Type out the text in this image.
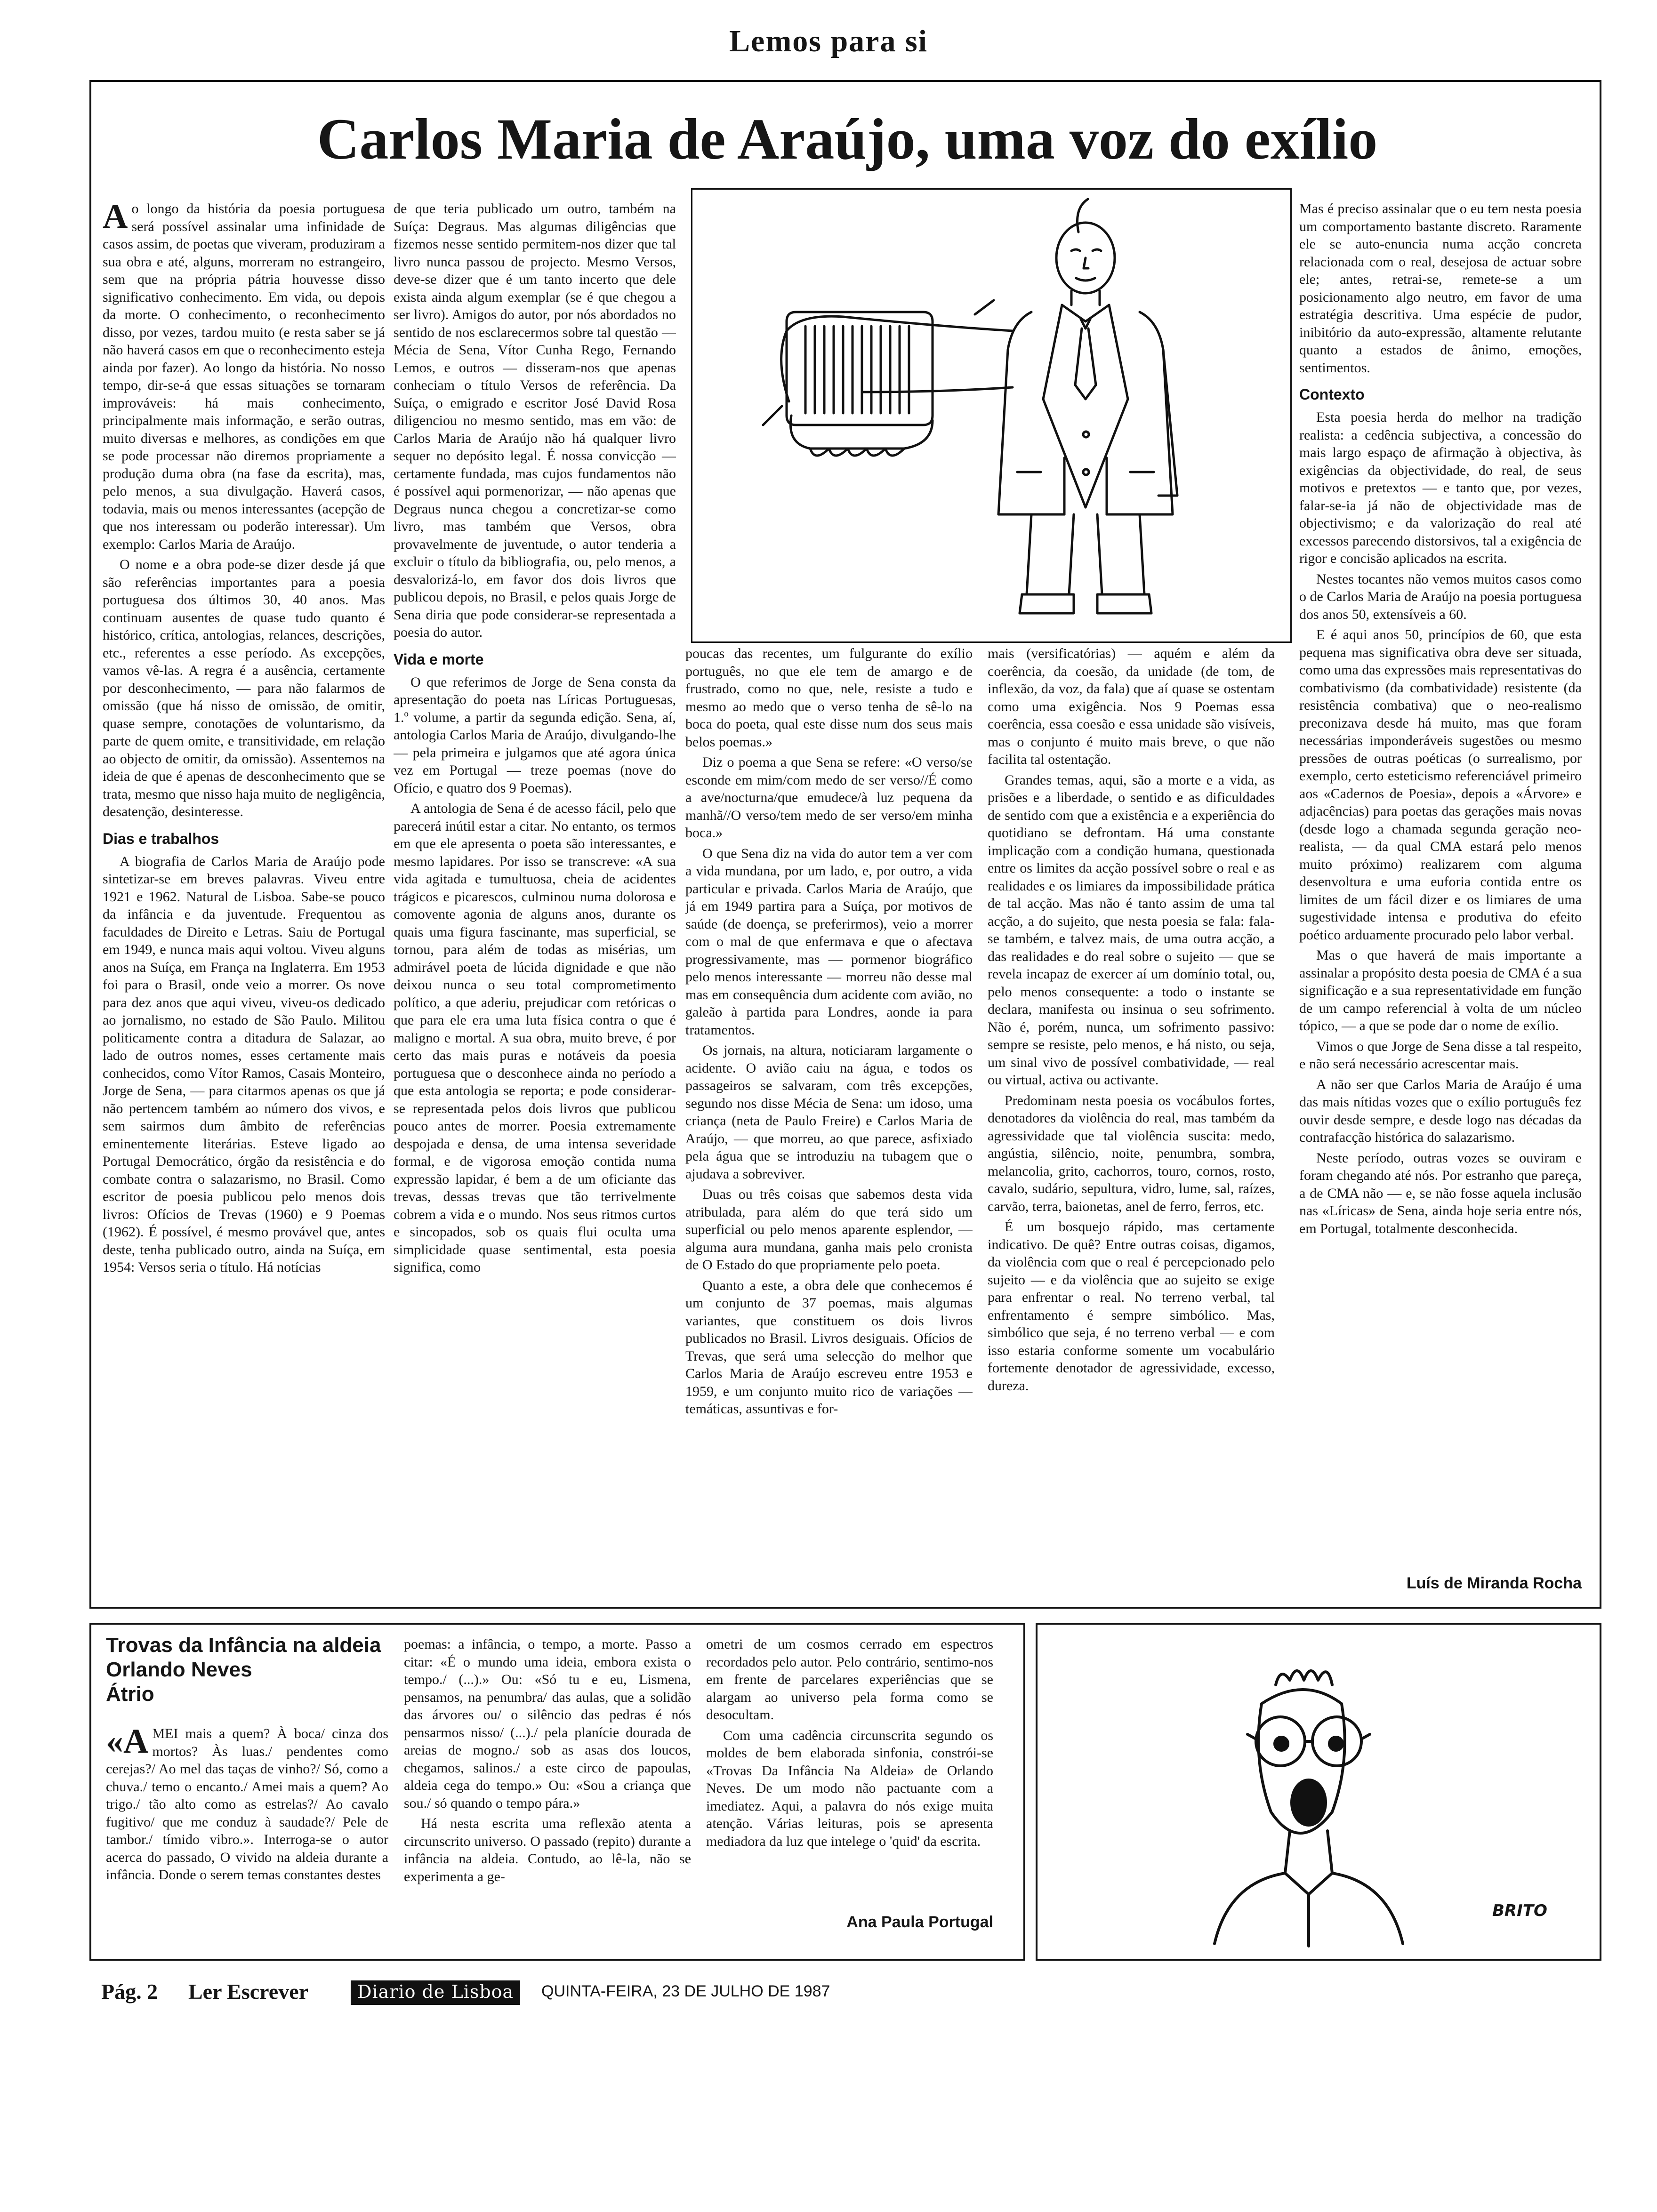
Lemos para si
Carlos Maria de Araújo, uma voz do exílio

Ao longo da história da poesia portuguesa será possível assinalar uma infinidade de casos assim, de poetas que viveram, produziram a sua obra e até, alguns, morreram no estrangeiro, sem que na própria pátria houvesse disso significativo conhecimento. Em vida, ou depois da morte. O conhecimento, o reconhecimento disso, por vezes, tardou muito (e resta saber se já não haverá casos em que o reconhecimento esteja ainda por fazer). Ao longo da história. No nosso tempo, dir-se-á que essas situações se tornaram improváveis: há mais conhecimento, principalmente mais informação, e serão outras, muito diversas e melhores, as condições em que se pode processar não diremos propriamente a produção duma obra (na fase da escrita), mas, pelo menos, a sua divulgação. Haverá casos, todavia, mais ou menos interessantes (acepção de que nos interessam ou poderão interessar). Um exemplo: Carlos Maria de Araújo.

O nome e a obra pode-se dizer desde já que são referências importantes para a poesia portuguesa dos últimos 30, 40 anos. Mas continuam ausentes de quase tudo quanto é histórico, crítica, antologias, relances, descrições, etc., referentes a esse período. As excepções, vamos vê-las. A regra é a ausência, certamente por desconhecimento, — para não falarmos de omissão (que há nisso de omissão, de omitir, quase sempre, conotações de voluntarismo, da parte de quem omite, e transitividade, em relação ao objecto de omitir, da omissão). Assentemos na ideia de que é apenas de desconhecimento que se trata, mesmo que nisso haja muito de negligência, desatenção, desinteresse.

Dias e trabalhos

A biografia de Carlos Maria de Araújo pode sintetizar-se em breves palavras. Viveu entre 1921 e 1962. Natural de Lisboa. Sabe-se pouco da infância e da juventude. Frequentou as faculdades de Direito e Letras. Saiu de Portugal em 1949, e nunca mais aqui voltou. Viveu alguns anos na Suíça, em França na Inglaterra. Em 1953 foi para o Brasil, onde veio a morrer. Os nove para dez anos que aqui viveu, viveu-os dedicado ao jornalismo, no estado de São Paulo. Militou politicamente contra a ditadura de Salazar, ao lado de outros nomes, esses certamente mais conhecidos, como Vítor Ramos, Casais Monteiro, Jorge de Sena, — para citarmos apenas os que já não pertencem também ao número dos vivos, e sem sairmos dum âmbito de referências eminentemente literárias. Esteve ligado ao Portugal Democrático, órgão da resistência e do combate contra o salazarismo, no Brasil. Como escritor de poesia publicou pelo menos dois livros: Ofícios de Trevas (1960) e 9 Poemas (1962). É possível, é mesmo provável que, antes deste, tenha publicado outro, ainda na Suíça, em 1954: Versos seria o título. Há notícias

de que teria publicado um outro, também na Suíça: Degraus. Mas algumas diligências que fizemos nesse sentido permitem-nos dizer que tal livro nunca passou de projecto. Mesmo Versos, deve-se dizer que é um tanto incerto que dele exista ainda algum exemplar (se é que chegou a ser livro). Amigos do autor, por nós abordados no sentido de nos esclarecermos sobre tal questão — Mécia de Sena, Vítor Cunha Rego, Fernando Lemos, e outros — disseram-nos que apenas conheciam o título Versos de referência. Da Suíça, o emigrado e escritor José David Rosa diligenciou no mesmo sentido, mas em vão: de Carlos Maria de Araújo não há qualquer livro sequer no depósito legal. É nossa convicção — certamente fundada, mas cujos fundamentos não é possível aqui pormenorizar, — não apenas que Degraus nunca chegou a concretizar-se como livro, mas também que Versos, obra provavelmente de juventude, o autor tenderia a excluir o título da bibliografia, ou, pelo menos, a desvalorizá-lo, em favor dos dois livros que publicou depois, no Brasil, e pelos quais Jorge de Sena diria que pode considerar-se representada a poesia do autor.

Vida e morte

O que referimos de Jorge de Sena consta da apresentação do poeta nas Líricas Portuguesas, 1.º volume, a partir da segunda edição. Sena, aí, antologia Carlos Maria de Araújo, divulgando-lhe — pela primeira e julgamos que até agora única vez em Portugal — treze poemas (nove do Ofício, e quatro dos 9 Poemas).

A antologia de Sena é de acesso fácil, pelo que parecerá inútil estar a citar. No entanto, os termos em que ele apresenta o poeta são interessantes, e mesmo lapidares. Por isso se transcreve: «A sua vida agitada e tumultuosa, cheia de acidentes trágicos e picarescos, culminou numa dolorosa e comovente agonia de alguns anos, durante os quais uma figura fascinante, mas superficial, se tornou, para além de todas as misérias, um admirável poeta de lúcida dignidade e que não deixou nunca o seu total comprometimento político, a que aderiu, prejudicar com retóricas o que para ele era uma luta física contra o que é maligno e mortal. A sua obra, muito breve, é por certo das mais puras e notáveis da poesia portuguesa que o desconhece ainda no período a que esta antologia se reporta; e pode considerar-se representada pelos dois livros que publicou pouco antes de morrer. Poesia extremamente despojada e densa, de uma intensa severidade formal, e de vigorosa emoção contida numa expressão lapidar, é bem a de um oficiante das trevas, dessas trevas que tão terrivelmente cobrem a vida e o mundo. Nos seus ritmos curtos e sincopados, sob os quais flui oculta uma simplicidade quase sentimental, esta poesia significa, como

poucas das recentes, um fulgurante do exílio português, no que ele tem de amargo e de frustrado, como no que, nele, resiste a tudo e mesmo ao medo que o verso tenha de sê-lo na boca do poeta, qual este disse num dos seus mais belos poemas.»

Diz o poema a que Sena se refere: «O verso/se esconde em mim/com medo de ser verso//É como a ave/nocturna/que emudece/à luz pequena da manhã//O verso/tem medo de ser verso/em minha boca.»

O que Sena diz na vida do autor tem a ver com a vida mundana, por um lado, e, por outro, a vida particular e privada. Carlos Maria de Araújo, que já em 1949 partira para a Suíça, por motivos de saúde (de doença, se preferirmos), veio a morrer com o mal de que enfermava e que o afectava progressivamente, mas — pormenor biográfico pelo menos interessante — morreu não desse mal mas em consequência dum acidente com avião, no galeão à partida para Londres, aonde ia para tratamentos.

Os jornais, na altura, noticiaram largamente o acidente. O avião caiu na água, e todos os passageiros se salvaram, com três excepções, segundo nos disse Mécia de Sena: um idoso, uma criança (neta de Paulo Freire) e Carlos Maria de Araújo, — que morreu, ao que parece, asfixiado pela água que se introduziu na tubagem que o ajudava a sobreviver.

Duas ou três coisas que sabemos desta vida atribulada, para além do que terá sido um superficial ou pelo menos aparente esplendor, — alguma aura mundana, ganha mais pelo cronista de O Estado do que propriamente pelo poeta.

Quanto a este, a obra dele que conhecemos é um conjunto de 37 poemas, mais algumas variantes, que constituem os dois livros publicados no Brasil. Livros desiguais. Ofícios de Trevas, que será uma selecção do melhor que Carlos Maria de Araújo escreveu entre 1953 e 1959, e um conjunto muito rico de variações — temáticas, assuntivas e for-

mais (versificatórias) — aquém e além da coerência, da coesão, da unidade (de tom, de inflexão, da voz, da fala) que aí quase se ostentam como uma exigência. Nos 9 Poemas essa coerência, essa coesão e essa unidade são visíveis, mas o conjunto é muito mais breve, o que não facilita tal ostentação.

Grandes temas, aqui, são a morte e a vida, as prisões e a liberdade, o sentido e as dificuldades de sentido com que a existência e a experiência do quotidiano se defrontam. Há uma constante implicação com a condição humana, questionada entre os limites da acção possível sobre o real e as realidades e os limiares da impossibilidade prática de tal acção. Mas não é tanto assim de uma tal acção, a do sujeito, que nesta poesia se fala: fala-se também, e talvez mais, de uma outra acção, a das realidades e do real sobre o sujeito — que se revela incapaz de exercer aí um domínio total, ou, pelo menos consequente: a todo o instante se declara, manifesta ou insinua o seu sofrimento. Não é, porém, nunca, um sofrimento passivo: sempre se resiste, pelo menos, e há nisto, ou seja, um sinal vivo de possível combatividade, — real ou virtual, activa ou activante.

Predominam nesta poesia os vocábulos fortes, denotadores da violência do real, mas também da agressividade que tal violência suscita: medo, angústia, silêncio, noite, penumbra, sombra, melancolia, grito, cachorros, touro, cornos, rosto, cavalo, sudário, sepultura, vidro, lume, sal, raízes, carvão, terra, baionetas, anel de ferro, ferros, etc.

É um bosquejo rápido, mas certamente indicativo. De quê? Entre outras coisas, digamos, da violência com que o real é percepcionado pelo sujeito — e da violência que ao sujeito se exige para enfrentar o real. No terreno verbal, tal enfrentamento é sempre simbólico. Mas, simbólico que seja, é no terreno verbal — e com isso estaria conforme somente um vocabulário fortemente denotador de agressividade, excesso, dureza.

Mas é preciso assinalar que o eu tem nesta poesia um comportamento bastante discreto. Raramente ele se auto-enuncia numa acção concreta relacionada com o real, desejosa de actuar sobre ele; antes, retrai-se, remete-se a um posicionamento algo neutro, em favor de uma estratégia descritiva. Uma espécie de pudor, inibitório da auto-expressão, altamente relutante quanto a estados de ânimo, emoções, sentimentos.

Contexto

Esta poesia herda do melhor na tradição realista: a cedência subjectiva, a concessão do mais largo espaço de afirmação à objectiva, às exigências da objectividade, do real, de seus motivos e pretextos — e tanto que, por vezes, falar-se-ia já não de objectividade mas de objectivismo; e da valorização do real até excessos parecendo distorsivos, tal a exigência de rigor e concisão aplicados na escrita.

Nestes tocantes não vemos muitos casos como o de Carlos Maria de Araújo na poesia portuguesa dos anos 50, extensíveis a 60.

E é aqui anos 50, princípios de 60, que esta pequena mas significativa obra deve ser situada, como uma das expressões mais representativas do combativismo (da combatividade) resistente (da resistência combativa) que o neo-realismo preconizava desde há muito, mas que foram necessárias imponderáveis sugestões ou mesmo pressões de outras poéticas (o surrealismo, por exemplo, certo esteticismo referenciável primeiro aos «Cadernos de Poesia», depois a «Árvore» e adjacências) para poetas das gerações mais novas (desde logo a chamada segunda geração neo-realista, — da qual CMA estará pelo menos muito próximo) realizarem com alguma desenvoltura e uma euforia contida entre os limites de um fácil dizer e os limiares de uma sugestividade intensa e produtiva do efeito poético arduamente procurado pelo labor verbal.

Mas o que haverá de mais importante a assinalar a propósito desta poesia de CMA é a sua significação e a sua representatividade em função de um campo referencial à volta de um núcleo tópico, — a que se pode dar o nome de exílio.

Vimos o que Jorge de Sena disse a tal respeito, e não será necessário acrescentar mais.

A não ser que Carlos Maria de Araújo é uma das mais nítidas vozes que o exílio português fez ouvir desde sempre, e desde logo nas décadas da contrafacção histórica do salazarismo.

Neste período, outras vozes se ouviram e foram chegando até nós. Por estranho que pareça, a de CMA não — e, se não fosse aquela inclusão nas «Líricas» de Sena, ainda hoje seria entre nós, em Portugal, totalmente desconhecida.

Luís de Miranda Rocha
Trovas da Infância na aldeia
Orlando Neves
Átrio

«AMEI mais a quem? À boca/ cinza dos mortos? Às luas./ pendentes como cerejas?/ Ao mel das taças de vinho?/ Só, como a chuva./ temo o encanto./ Amei mais a quem? Ao trigo./ tão alto como as estrelas?/ Ao cavalo fugitivo/ que me conduz à saudade?/ Pele de tambor./ tímido vibro.». Interroga-se o autor acerca do passado, O vivido na aldeia durante a infância. Donde o serem temas constantes destes

poemas: a infância, o tempo, a morte. Passo a citar: «É o mundo uma ideia, embora exista o tempo./ (...).» Ou: «Só tu e eu, Lismena, pensamos, na penumbra/ das aulas, que a solidão das árvores ou/ o silêncio das pedras é nós pensarmos nisso/ (...)./ pela planície dourada de areias de mogno./ sob as asas dos loucos, chegamos, salinos./ a este circo de papoulas, aldeia cega do tempo.» Ou: «Sou a criança que sou./ só quando o tempo pára.»

Há nesta escrita uma reflexão atenta a circunscrito universo. O passado (repito) durante a infância na aldeia. Contudo, ao lê-la, não se experimenta a ge-

ometri de um cosmos cerrado em espectros recordados pelo autor. Pelo contrário, sentimo-nos em frente de parcelares experiências que se alargam ao universo pela forma como se desocultam.

Com uma cadência circunscrita segundo os moldes de bem elaborada sinfonia, constrói-se «Trovas Da Infância Na Aldeia» de Orlando Neves. De um modo não pactuante com a imediatez. Aqui, a palavra do nós exige muita atenção. Várias leituras, pois se apresenta mediadora da luz que intelege o 'quid' da escrita.

Ana Paula Portugal
BRITO
Pág. 2 Ler Escrever	Diario de Lisboa	QUINTA-FEIRA, 23 DE JULHO DE 1987
